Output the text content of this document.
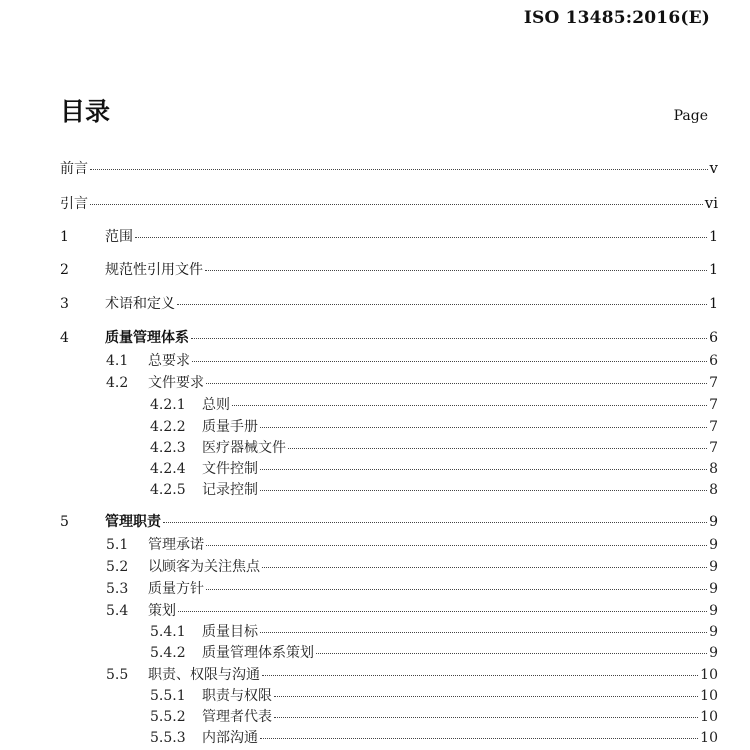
ISO 13485:2016(E)
目录	Page
前言	v
引言	vi
1	范围	1
2	规范性引用文件	1
3	术语和定义	1
4	质量管理体系	6
4.1	总要求	6
4.2	文件要求	7
4.2.1	总则	7
4.2.2	质量手册	7
4.2.3	医疗器械文件	7
4.2.4	文件控制	8
4.2.5	记录控制	8
5	管理职责	9
5.1	管理承诺	9
5.2	以顾客为关注焦点	9
5.3	质量方针	9
5.4	策划	9
5.4.1	质量目标	9
5.4.2	质量管理体系策划	9
5.5	职责、权限与沟通	10
5.5.1	职责与权限	10
5.5.2	管理者代表	10
5.5.3	内部沟通	10
